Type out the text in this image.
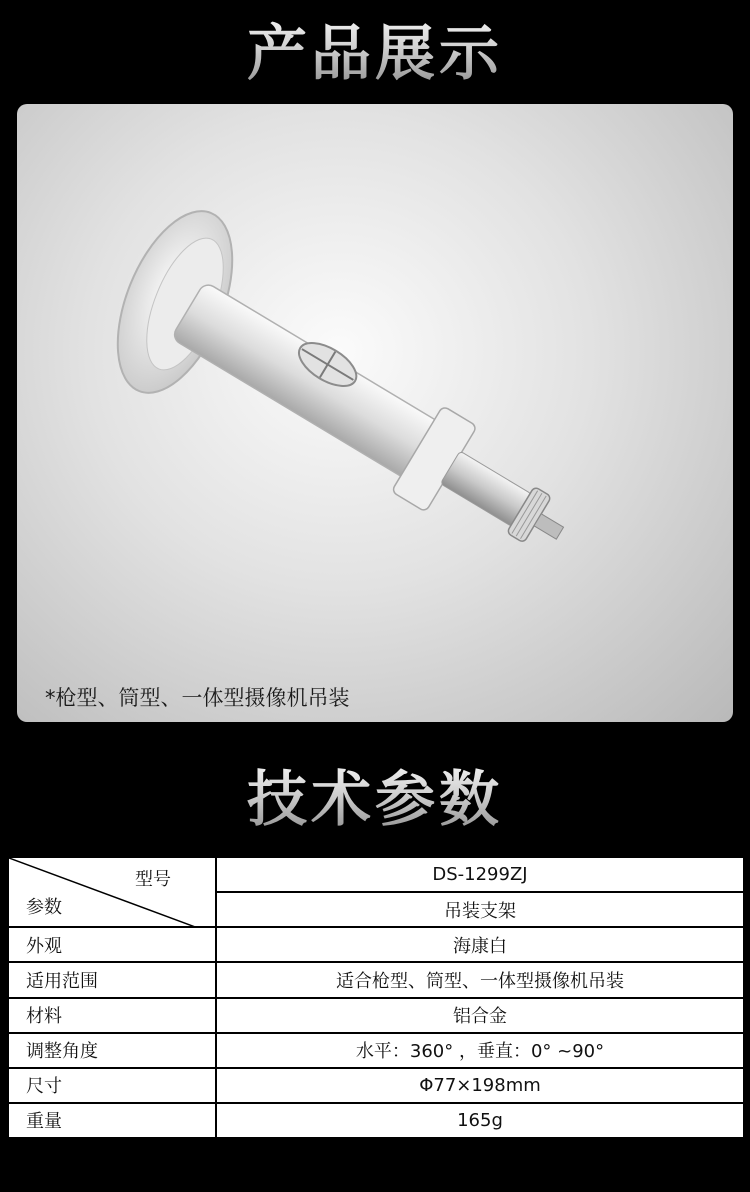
产品展示
*枪型、筒型、一体型摄像机吊装
技术参数
型号
参数	DS-1299ZJ
	吊装支架
外观	海康白
适用范围	适合枪型、筒型、一体型摄像机吊装
材料	铝合金
调整角度	水平：360° ，垂直：0° ~90°
尺寸	Φ77×198mm
重量	165g
